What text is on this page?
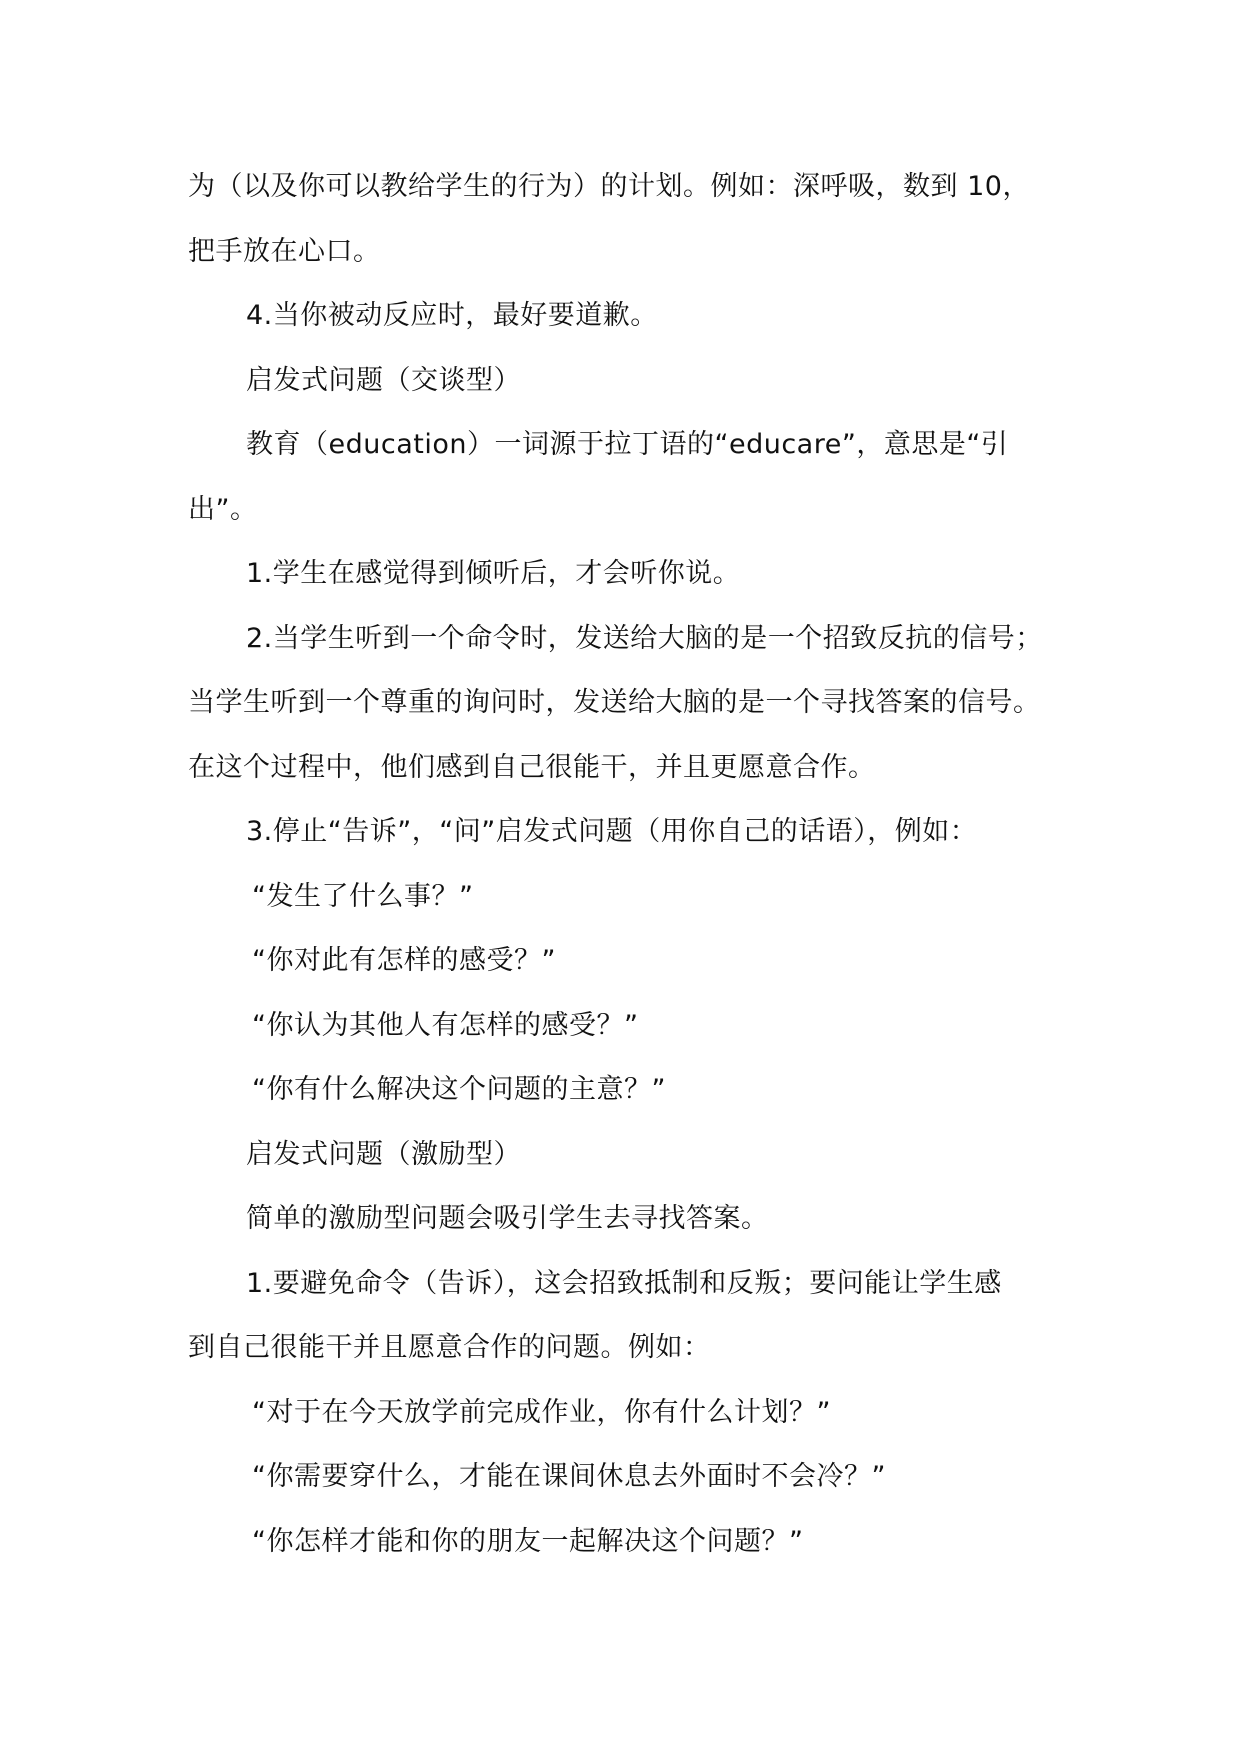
为（以及你可以教给学生的行为）的计划。例如：深呼吸，数到 10，

把手放在心口。

4.当你被动反应时，最好要道歉。

启发式问题（交谈型）

教育（education）一词源于拉丁语的“educare”，意思是“引

出”。

1.学生在感觉得到倾听后，才会听你说。

2.当学生听到一个命令时，发送给大脑的是一个招致反抗的信号；

当学生听到一个尊重的询问时，发送给大脑的是一个寻找答案的信号。

在这个过程中，他们感到自己很能干，并且更愿意合作。

3.停止“告诉”，“问”启发式问题（用你自己的话语），例如：

“发生了什么事？”

“你对此有怎样的感受？”

“你认为其他人有怎样的感受？”

“你有什么解决这个问题的主意？”

启发式问题（激励型）

简单的激励型问题会吸引学生去寻找答案。

1.要避免命令（告诉），这会招致抵制和反叛；要问能让学生感

到自己很能干并且愿意合作的问题。例如：

“对于在今天放学前完成作业，你有什么计划？”

“你需要穿什么，才能在课间休息去外面时不会冷？”

“你怎样才能和你的朋友一起解决这个问题？”
